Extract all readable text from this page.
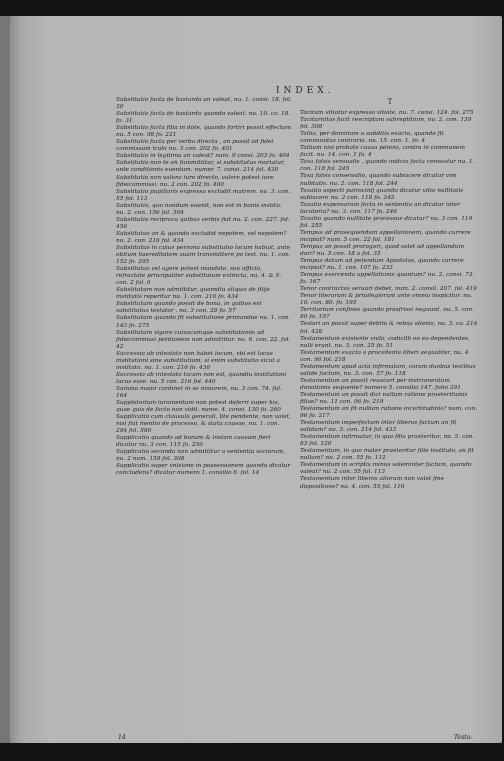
INDEX.
Substitutio facta de bastardo an valeat, nu. 1. consi. 18. fol. 30
Substitutio facta de bastardo quando valeat. nu. 10. co. 18. fo. 31
Substitutio facta filia in dote, quando fortiri possit effectum nu. 5 con. 98 fo. 221
Substitutio facta per verba directa , an possit ad fidei commissum trahi nu. 3 con. 202 fo. 401
Substitutio in legitima an valeat? num. 9 consi. 203 fo. 404
Substitutio non te an fummittitur, si substitutus moriatur, ante conditionis euentum. numer. 7. consi. 214 fol. 430
Substitutio non valens iure directo, valere potest iure fideicommissi. nu. 2 con. 202 fo. 400
Substitutio pupillaris expressa excludit matrem. nu. 3. con. 55 fol. 113
Substitutio, quo nondum euenit, non est in bonis institu. nu. 2. con. 156 fol. 304
Substitutio reciproca quibus verbis fiat nu. 2. con. 227. fol. 456
Substitutus an & quando excludat nepotem, vel nepotem? nu. 2. con. 216 fol. 434
Substitutus in cuius persona substitutio locum habuit, ante obitum haereditatem suam transmittere po test. nu. 1. con. 152 fo. 295
Substitutus vel agere potest mandato, seu officio, refractate principaliter substitutum extincta, nu. 4. & 5. con. 2 fol. 6
Substitutum non admittitur, quamdiu aliquis de filijs institutis reperitur nu. 1. con. 216 fo. 434
Substitutum quando possit de bona, in quibus est substitutus testator . nu. 3 con. 28 fo. 57
Substitutum quando fit substitutione primandae nu. 1. con. 143 fo. 275
Substitutum vigore cuiuscumque substitutionis ad fideicommissi petitionem non admittitur. nu. 6. con. 22. fol. 42
Successio ab intestato non habet locum, vbi est locus institutioni sine substitutioni, si enim substitutio sicut a instituto. nu. 1. con. 216 fo. 436
Successio ab intestato locum non est, quandiu institutioni locus esse. nu. 5 con. 216 fol. 440
Summa maior continet in se minorem, nu. 3 con. 74. fol. 164
Suppletorium iuramentum non potest deferri super his, quae quis de facto non vidit. nume. 4. consi. 130 fo. 260
Supplicatio cum clausula generali, lite pendente, non valet, nisi fiat mentio de processu, & statu causae, nu. 1. con. 294 fol. 590
Supplicatio quando ad bonam & instam causam fieri dicatur nu. 3 con. 115 fo. 250
Supplicatio secunda non admittitur a sententia sociorum, nu. 2 num. 159 fol. 308
Supplicatio super vnisione in possessionem quando dicatur concludens? dicatur numero 1. consilio 6. fol. 14
T
Tacitum vitiatur expresso vitiate, nu. 7. consi. 124. fol. 275
Taciturnitas facit rescriptum subreptitium, nu. 2. con. 139 fol. 308
Tallia, per dominum a subditis exacta, quando fit communitas contraria. nu. 15. con. 1. fo. 4
Tallium nisi probate causa petens, contra in communem facit. nu. 14. con. 1 fo. 4
Taxa falsis sensualis , quando indicio facta censeatur nu. 1. con. 118 fol. 245
Taxa falsis consensilio, quando subiacere dicatur vim nullitatis. nu. 2. con. 118 fol. 244
Taxatio aspecti patrocinij quando dicatur vitio nullitatis subiacere nu. 2 con. 118 fo. 245
Taxatio expensarum facta in sententia an dicatur inter locutoria? nu. 3. con. 117 fo. 246
Taxatio quando nullitate processus dicatur? nu. 3 con. 119 fol. 255
Tempus ad prosequendum appellationem, quando currere incipiat? num. 5 con. 22 fol. 181
Tempus an possit prorogari, quod solet ad appellandum dari? nu. 5 con. 18 a fol. 35
Tempus datum ad petendum Apostolos, quando currere incipiat? nu. 1. con. 107 fo. 233
Tempus exercenda appellationis quantum? nu. 2. consi. 73. fo. 167
Tenor contractus seruari debet, num. 2. consil. 207. fol. 419
Tenor literarum & priuilegiorum ante omnia inspicitur. nu. 10. con. 80. fo. 195
Territorium confines quando prasfrissi neguunt. nu. 5. con. 80 fo. 197
Testari an possit super debito & rebus alienis, nu. 3. co. 214 fol. 428
Testamentum existente vnilo, codicilli eo eo dependentes, nulli erunt. nu. 3. con. 25 fo. 51
Testamentum exacto a procedente liberi aequaliter, nu. 4. con. 96 fol. 218
Testamentum apud acta infirmatum, coram duobus testibus valide factum, nu. 3. con. 57 fo. 118
Testamentum an possit reuocari per instrumentum donationis sequente? numero 5. consilio 147. folio 291
Testamentum an possit dici nullum ratione praeteritionis filiae? nu. 11 con. 96 fo. 219
Testamentum an fit nullum ratione incertitudinis? num. con. 96 fo. 217
Testamentum imperfectum inter liberos factum an fit validum? nu. 5. con. 214 fol. 433
Testamentum infirmatur, in quo filia praeteritur, nu. 5. con. 83 fol. 120
Testamentum, in quo mater praeteritur filio instituto, an fit nullum? nu. 2 con. 55 fo. 112
Testamentum in scriptis minus solemniter factum, quando valeat? nu. 2 con. 55 fol. 113
Testamentum inter liberos aliorum non valet fine dispositione? nu. 4. con. 55 fol. 116
14	Testa-
